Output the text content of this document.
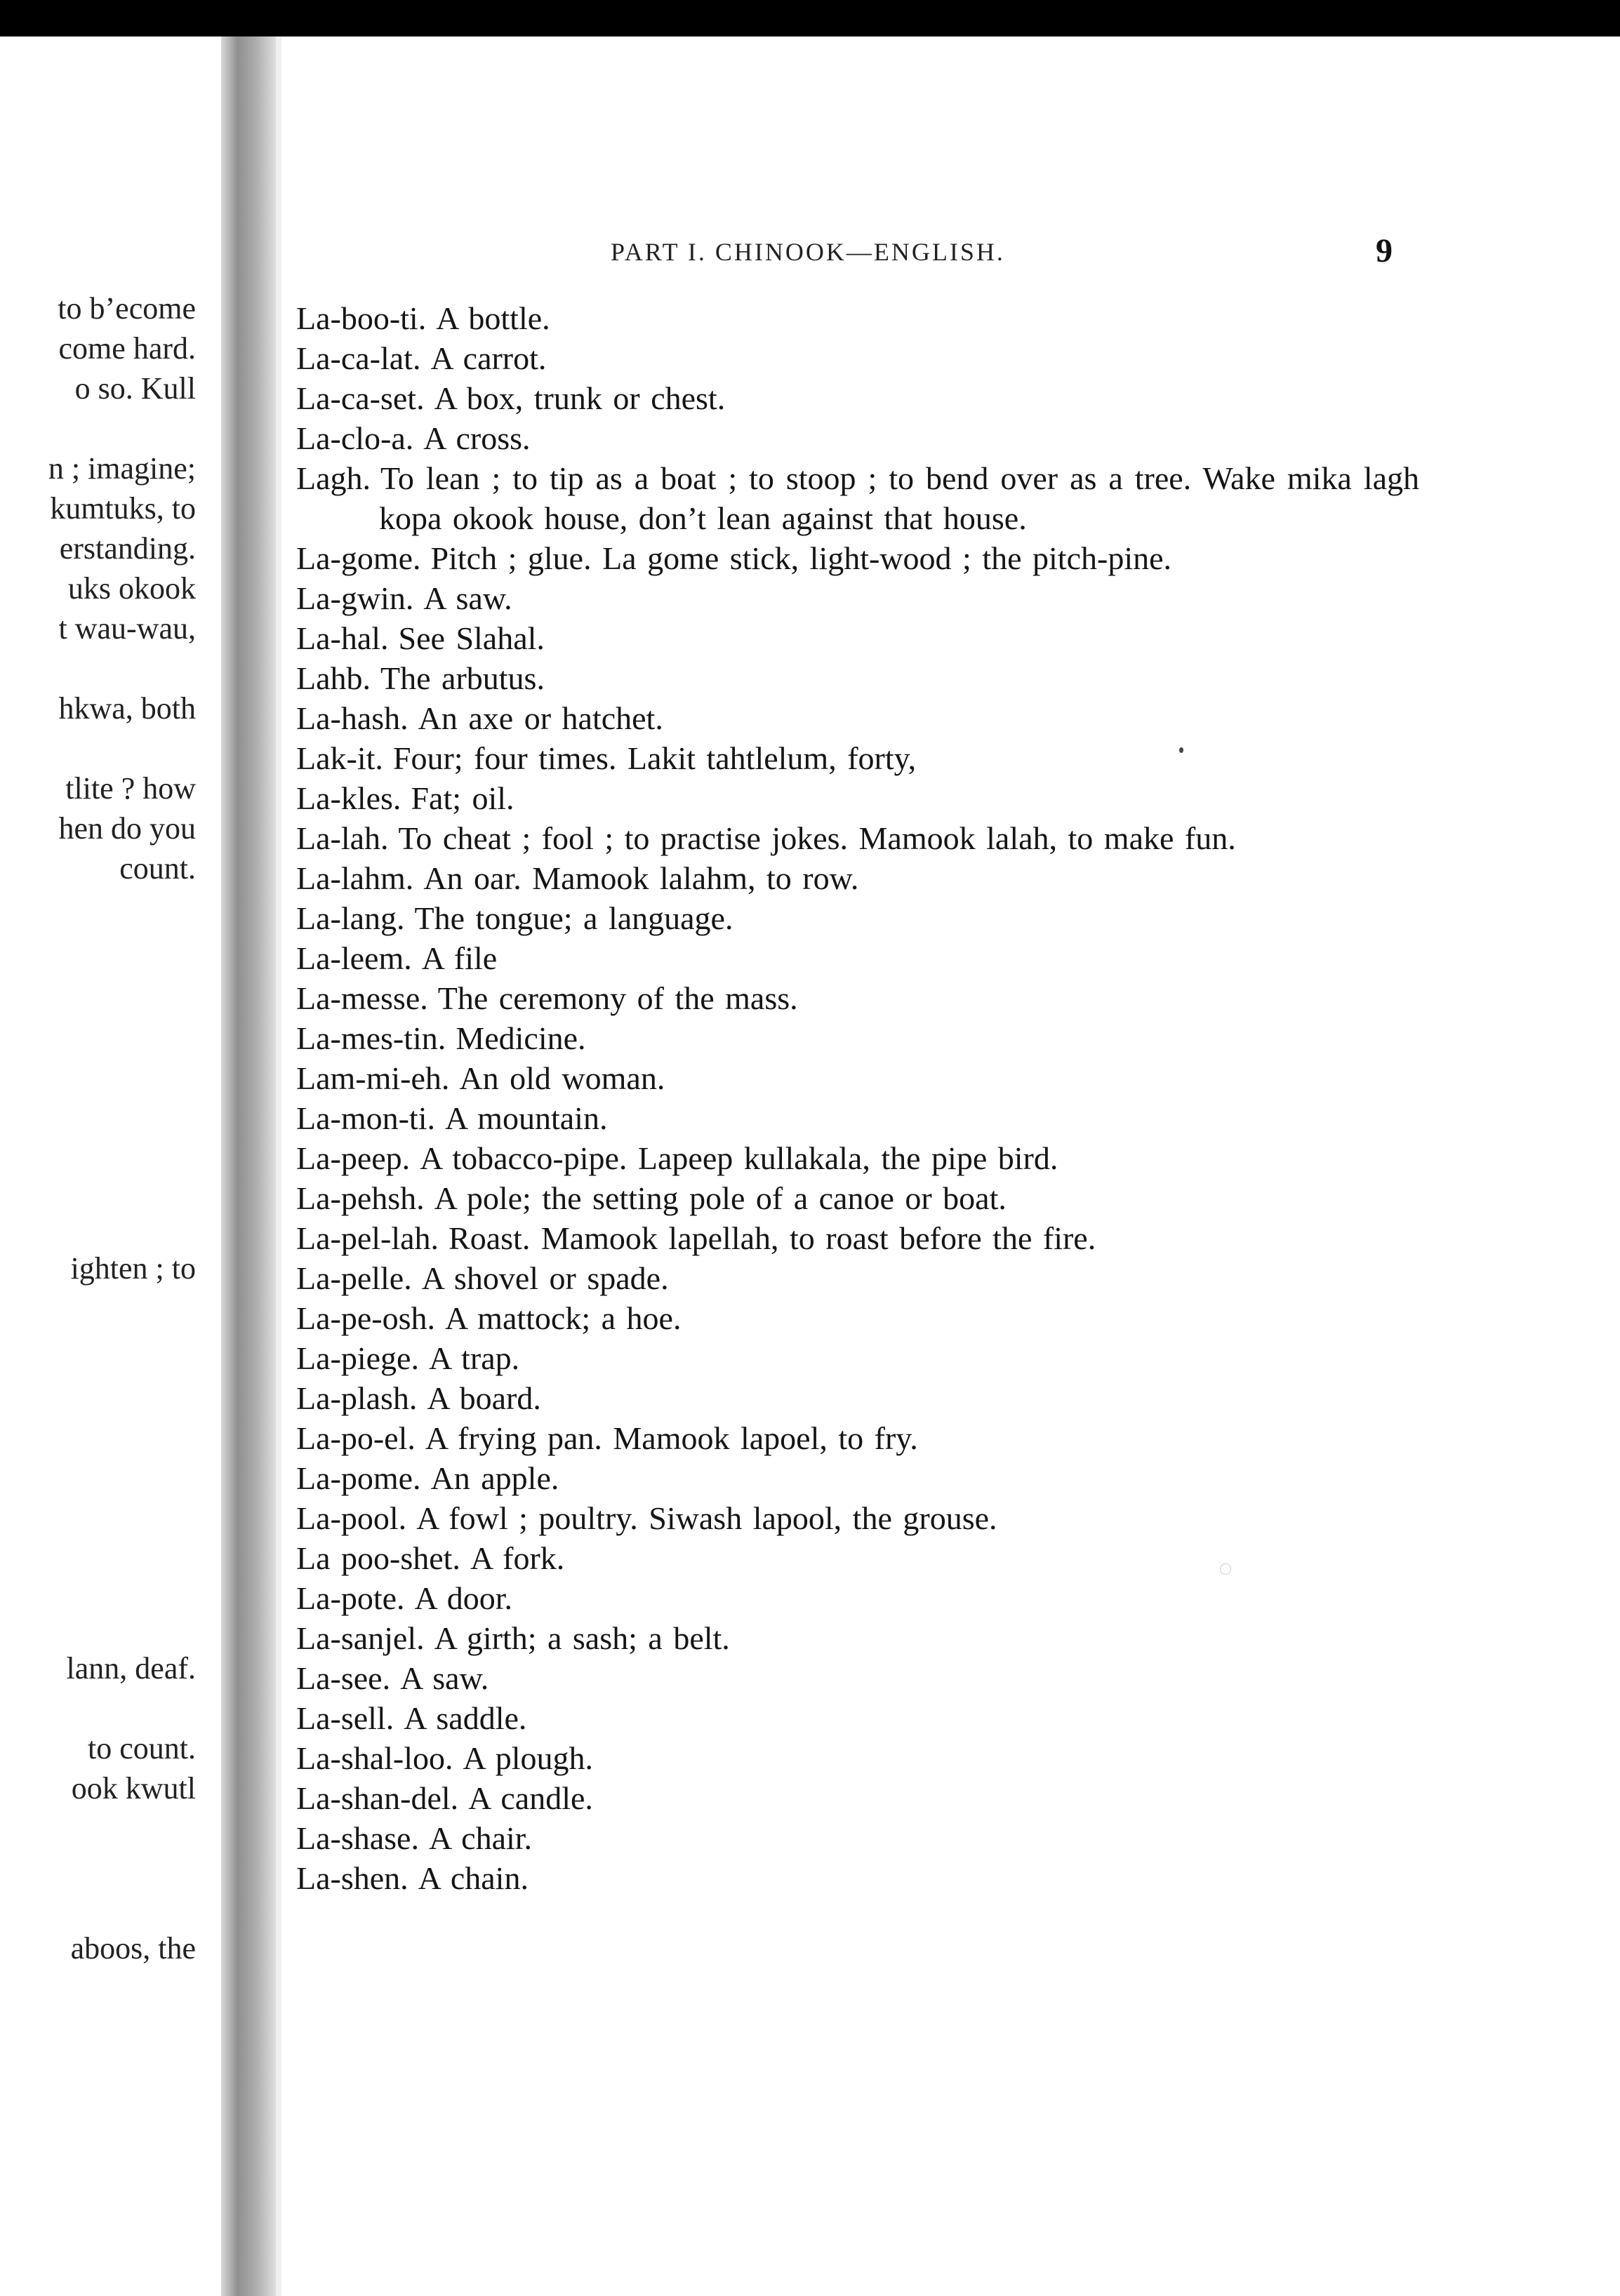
to bʼecome
come hard.
o so. Kull
n ; imagine;
kumtuks, to
erstanding.
uks okook
t wau-wau,
hkwa, both
tlite ? how
hen do you
count.
ighten ; to
lann, deaf.
to count.
ook kwutl
aboos, the
PART I. CHINOOK—ENGLISH.	9
La-boo-ti. A bottle.
La-ca-lat. A carrot.
La-ca-set. A box, trunk or chest.
La-clo-a. A cross.
Lagh. To lean ; to tip as a boat ; to stoop ; to bend over as a tree. Wake mika lagh kopa okook house, don’t lean against that house.
La-gome. Pitch ; glue. La gome stick, light-wood ; the pitch-pine.
La-gwin. A saw.
La-hal. See Slahal.
Lahb. The arbutus.
La-hash. An axe or hatchet.
Lak-it. Four; four times. Lakit tahtlelum, forty,
La-kles. Fat; oil.
La-lah. To cheat ; fool ; to practise jokes. Mamook lalah, to make fun.
La-lahm. An oar. Mamook lalahm, to row.
La-lang. The tongue; a language.
La-leem. A file
La-messe. The ceremony of the mass.
La-mes-tin. Medicine.
Lam-mi-eh. An old woman.
La-mon-ti. A mountain.
La-peep. A tobacco-pipe. Lapeep kullakala, the pipe bird.
La-pehsh. A pole; the setting pole of a canoe or boat.
La-pel-lah. Roast. Mamook lapellah, to roast before the fire.
La-pelle. A shovel or spade.
La-pe-osh. A mattock; a hoe.
La-piege. A trap.
La-plash. A board.
La-po-el. A frying pan. Mamook lapoel, to fry.
La-pome. An apple.
La-pool. A fowl ; poultry. Siwash lapool, the grouse.
La poo-shet. A fork.
La-pote. A door.
La-sanjel. A girth; a sash; a belt.
La-see. A saw.
La-sell. A saddle.
La-shal-loo. A plough.
La-shan-del. A candle.
La-shase. A chair.
La-shen. A chain.
